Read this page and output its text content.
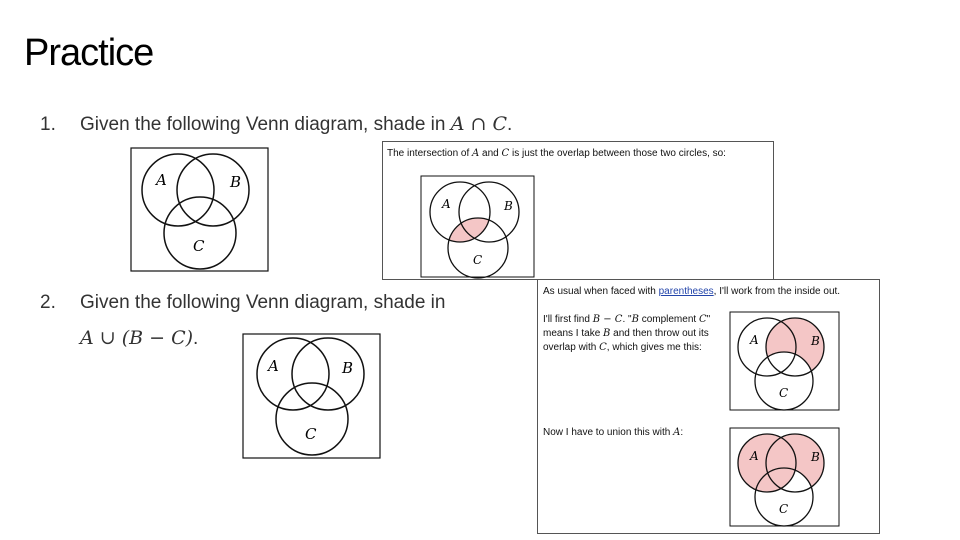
Practice
1. Given the following Venn diagram, shade in A ∩ C.
A	B
C
The intersection of A and C is just the overlap between those two circles, so:
A	B
C
2. Given the following Venn diagram, shade in
A ∪ (B − C).
A	B
C
As usual when faced with parentheses, I'll work from the inside out.
I'll first find B − C. "B complement C" means I take B and then throw out its overlap with C, which gives me this:
A	B
C
Now I have to union this with A:
A	B
C
